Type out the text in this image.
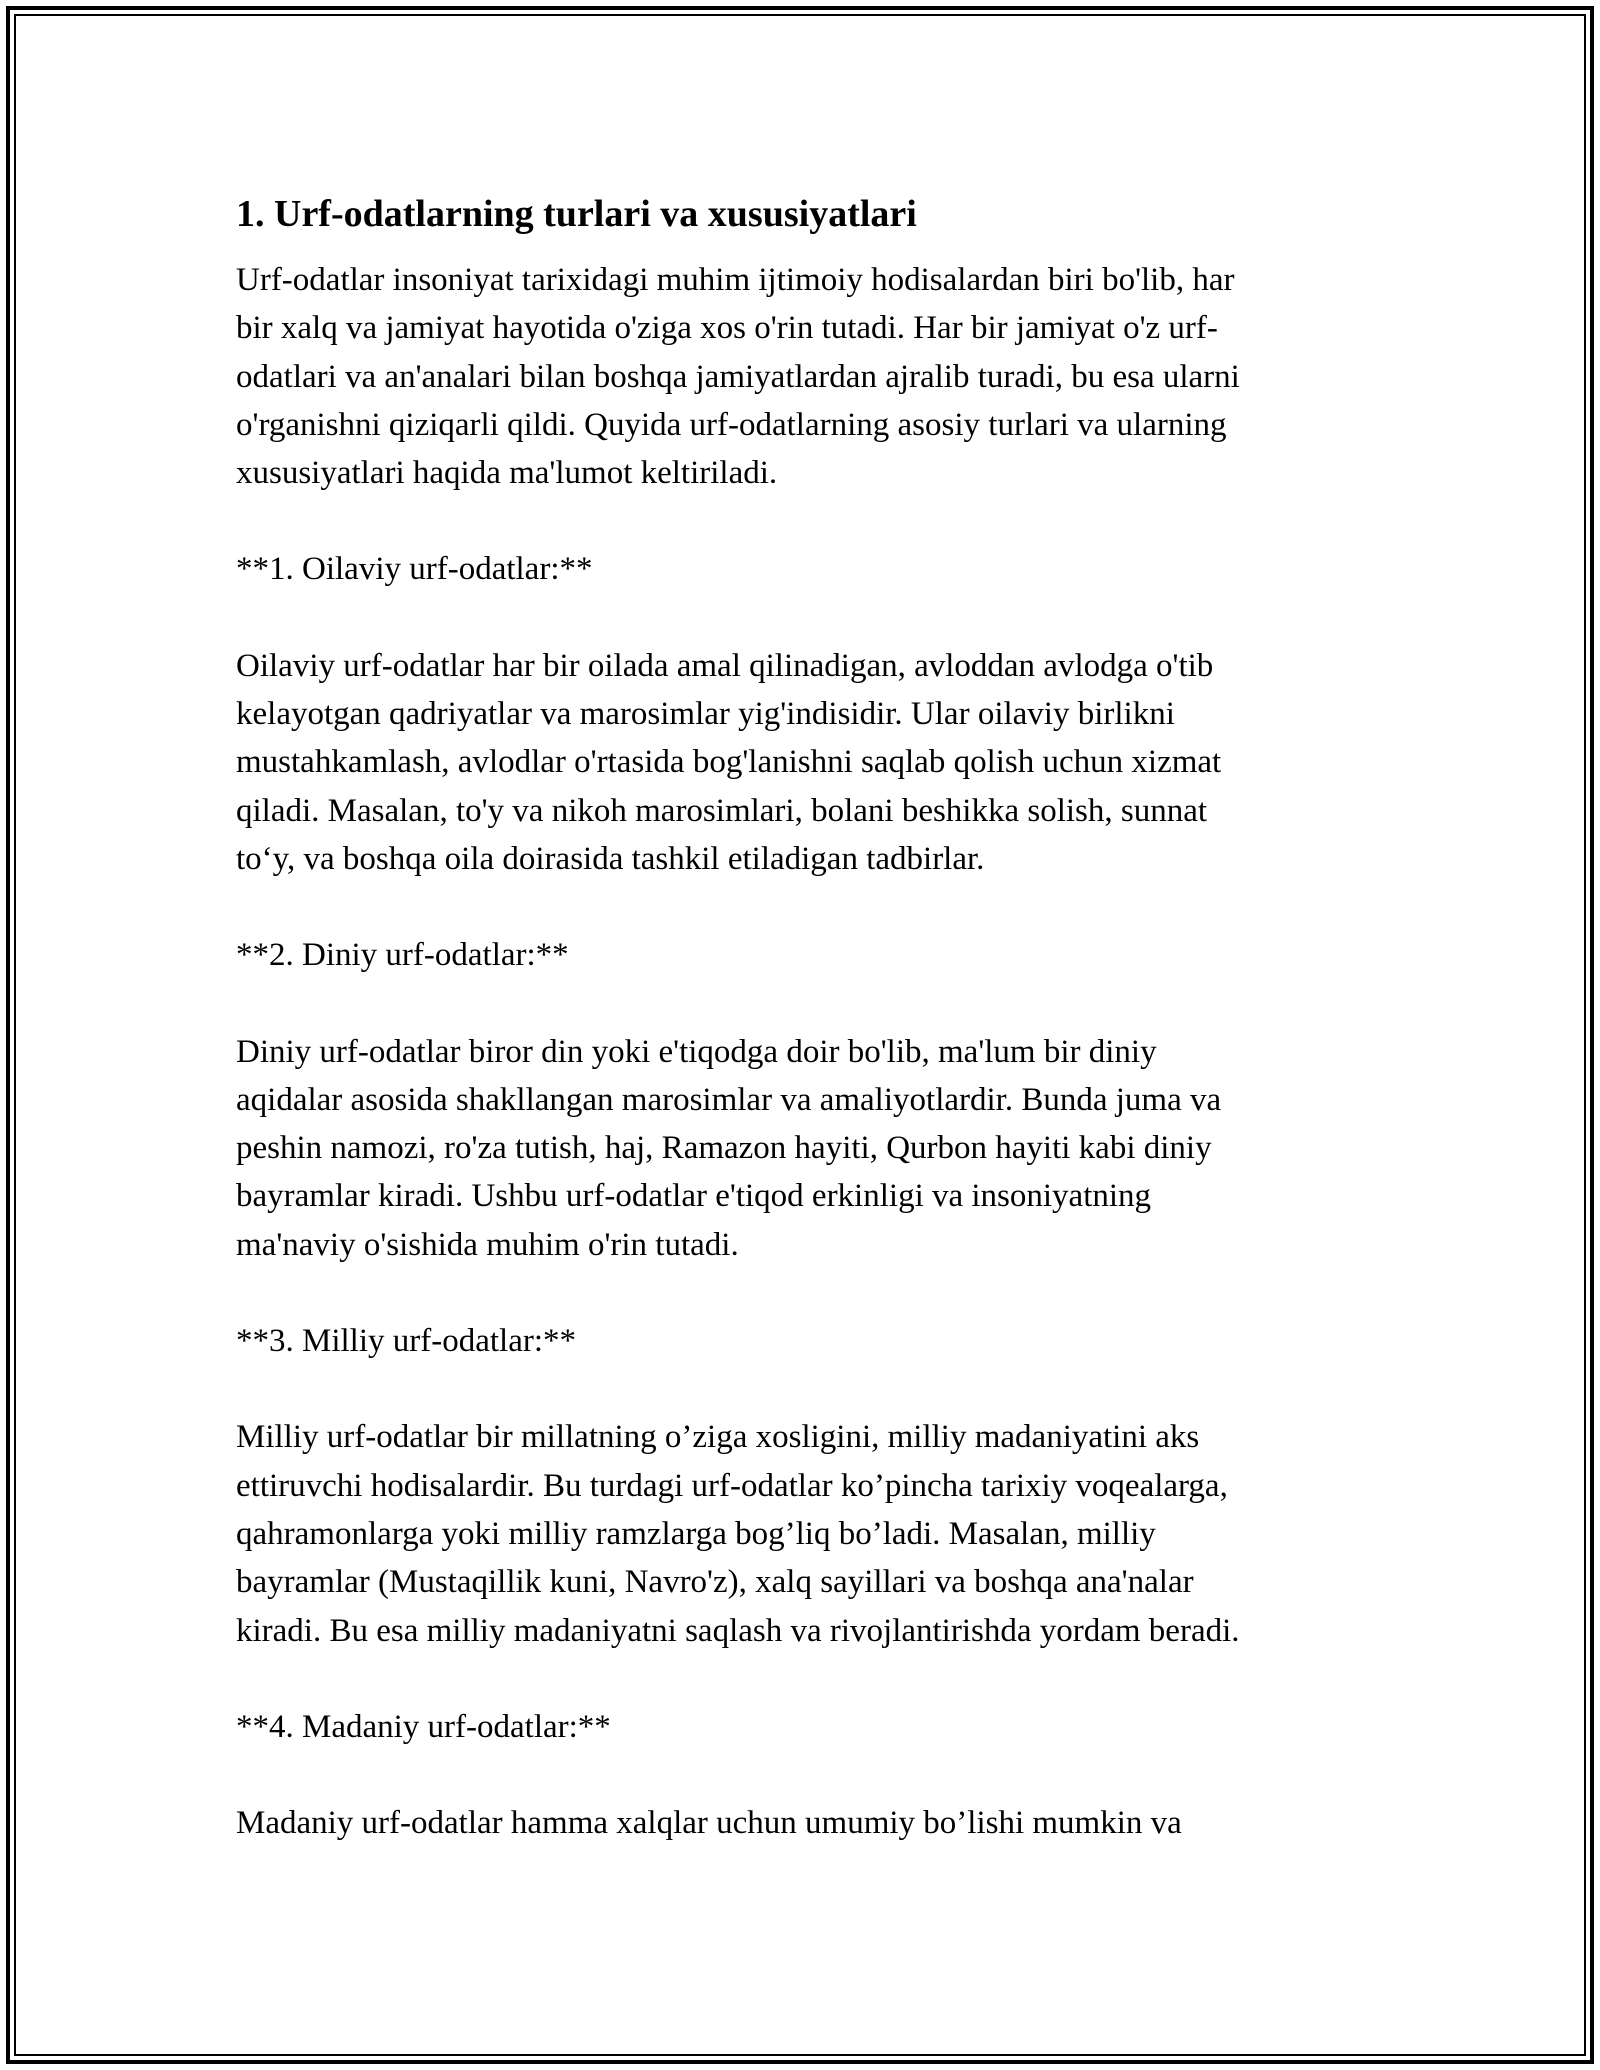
1. Urf-odatlarning turlari va xususiyatlari

Urf-odatlar insoniyat tarixidagi muhim ijtimoiy hodisalardan biri bo'lib, har
bir xalq va jamiyat hayotida o'ziga xos o'rin tutadi. Har bir jamiyat o'z urf-
odatlari va an'analari bilan boshqa jamiyatlardan ajralib turadi, bu esa ularni
o'rganishni qiziqarli qildi. Quyida urf-odatlarning asosiy turlari va ularning
xususiyatlari haqida ma'lumot keltiriladi.

**1. Oilaviy urf-odatlar:**

Oilaviy urf-odatlar har bir oilada amal qilinadigan, avloddan avlodga o'tib
kelayotgan qadriyatlar va marosimlar yig'indisidir. Ular oilaviy birlikni
mustahkamlash, avlodlar o'rtasida bog'lanishni saqlab qolish uchun xizmat
qiladi. Masalan, to'y va nikoh marosimlari, bolani beshikka solish, sunnat
to‘y, va boshqa oila doirasida tashkil etiladigan tadbirlar.

**2. Diniy urf-odatlar:**

Diniy urf-odatlar biror din yoki e'tiqodga doir bo'lib, ma'lum bir diniy
aqidalar asosida shakllangan marosimlar va amaliyotlardir. Bunda juma va
peshin namozi, ro'za tutish, haj, Ramazon hayiti, Qurbon hayiti kabi diniy
bayramlar kiradi. Ushbu urf-odatlar e'tiqod erkinligi va insoniyatning
ma'naviy o'sishida muhim o'rin tutadi.

**3. Milliy urf-odatlar:**

Milliy urf-odatlar bir millatning o’ziga xosligini, milliy madaniyatini aks
ettiruvchi hodisalardir. Bu turdagi urf-odatlar ko’pincha tarixiy voqealarga,
qahramonlarga yoki milliy ramzlarga bog’liq bo’ladi. Masalan, milliy
bayramlar (Mustaqillik kuni, Navro'z), xalq sayillari va boshqa ana'nalar
kiradi. Bu esa milliy madaniyatni saqlash va rivojlantirishda yordam beradi.

**4. Madaniy urf-odatlar:**

Madaniy urf-odatlar hamma xalqlar uchun umumiy bo’lishi mumkin va
